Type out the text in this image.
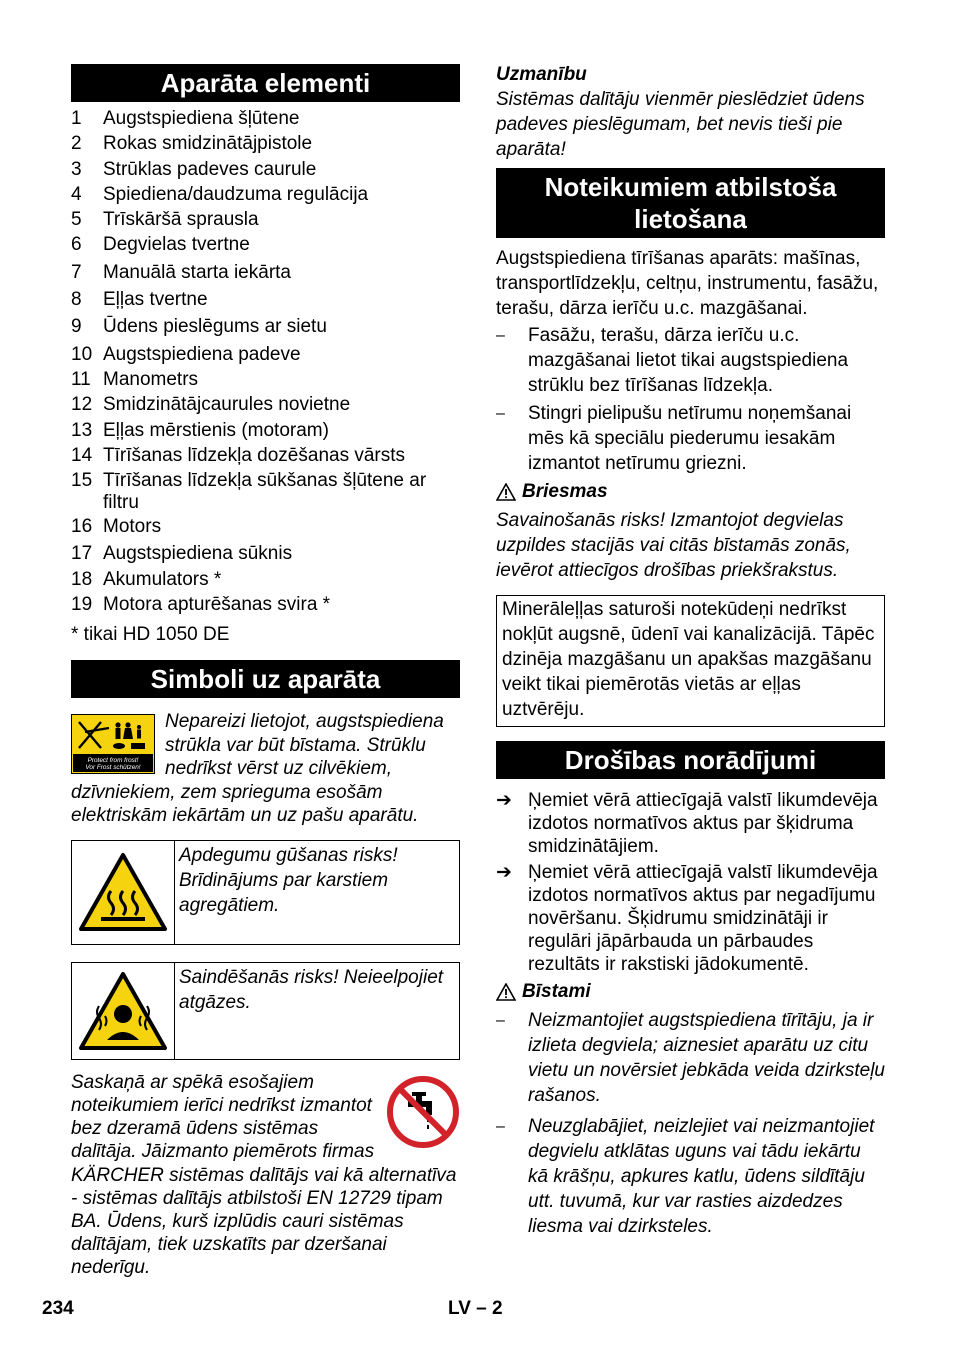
Aparāta elementi
1	Augstspiediena šļūtene
2	Rokas smidzinātājpistole
3	Strūklas padeves caurule
4	Spiediena/daudzuma regulācija
5	Trīskāršā sprausla
6	Degvielas tvertne
7	Manuālā starta iekārta
8	Eļļas tvertne
9	Ūdens pieslēgums ar sietu
10 Augstspiediena padeve
11 Manometrs
12 Smidzinātājcaurules novietne
13 Eļļas mērstienis (motoram)
14 Tīrīšanas līdzekļa dozēšanas vārsts
15 Tīrīšanas līdzekļa sūkšanas šļūtene ar filtru
16 Motors
17 Augstspiediena sūknis
18 Akumulators *
19 Motora apturēšanas svira *

* tikai HD 1050 DE

Simboli uz aparāta
Protect from frost!
Vor Frost schützen!
Nepareizi lietojot, augstspiediena strūkla var būt bīstama. Strūklu nedrīkst vērst uz cilvēkiem, dzīvniekiem, zem sprieguma esošām elektriskām iekārtām un uz pašu aparātu.
Apdegumu gūšanas risks! Brīdinājums par karstiem agregātiem.
Saindēšanās risks! Neieelpojiet atgāzes.
Saskaņā ar spēkā esošajiem noteikumiem ierīci nedrīkst izmantot bez dzeramā ūdens sistēmas dalītāja. Jāizmanto piemērots firmas KÄRCHER sistēmas dalītājs vai kā alternatīva - sistēmas dalītājs atbilstoši EN 12729 tipam BA. Ūdens, kurš izplūdis cauri sistēmas dalītājam, tiek uzskatīts par dzeršanai nederīgu.

Uzmanību

Sistēmas dalītāju vienmēr pieslēdziet ūdens padeves pieslēgumam, bet nevis tieši pie aparāta!

Noteikumiem atbilstoša lietošana

Augstspiediena tīrīšanas aparāts: mašīnas, transportlīdzekļu, celtņu, instrumentu, fasāžu, terašu, dārza ierīču u.c. mazgāšanai.

–	Fasāžu, terašu, dārza ierīču u.c. mazgāšanai lietot tikai augstspiediena strūklu bez tīrīšanas līdzekļa.
–	Stingri pielipušu netīrumu noņemšanai mēs kā speciālu piederumu iesakām izmantot netīrumu griezni.

Briesmas

Savainošanās risks! Izmantojot degvielas uzpildes stacijās vai citās bīstamās zonās, ievērot attiecīgos drošības priekšrakstus.

Minerāleļļas saturoši notekūdeņi nedrīkst nokļūt augsnē, ūdenī vai kanalizācijā. Tāpēc dzinēja mazgāšanu un apakšas mazgāšanu veikt tikai piemērotās vietās ar eļļas uztvērēju.
Drošības norādījumi
➔ Ņemiet vērā attiecīgajā valstī likumdevēja izdotos normatīvos aktus par šķidruma smidzinātājiem.
➔ Ņemiet vērā attiecīgajā valstī likumdevēja izdotos normatīvos aktus par negadījumu novēršanu. Šķidrumu smidzinātāji ir regulāri jāpārbauda un pārbaudes rezultāts ir rakstiski jādokumentē.

Bīstami

–	Neizmantojiet augstspiediena tīrītāju, ja ir izlieta degviela; aiznesiet aparātu uz citu vietu un novērsiet jebkāda veida dzirksteļu rašanos.
–	Neuzglabājiet, neizlejiet vai neizmantojiet degvielu atklātas uguns vai tādu iekārtu kā krāšņu, apkures katlu, ūdens sildītāju utt. tuvumā, kur var rasties aizdedzes liesma vai dzirksteles.
234	LV – 2
